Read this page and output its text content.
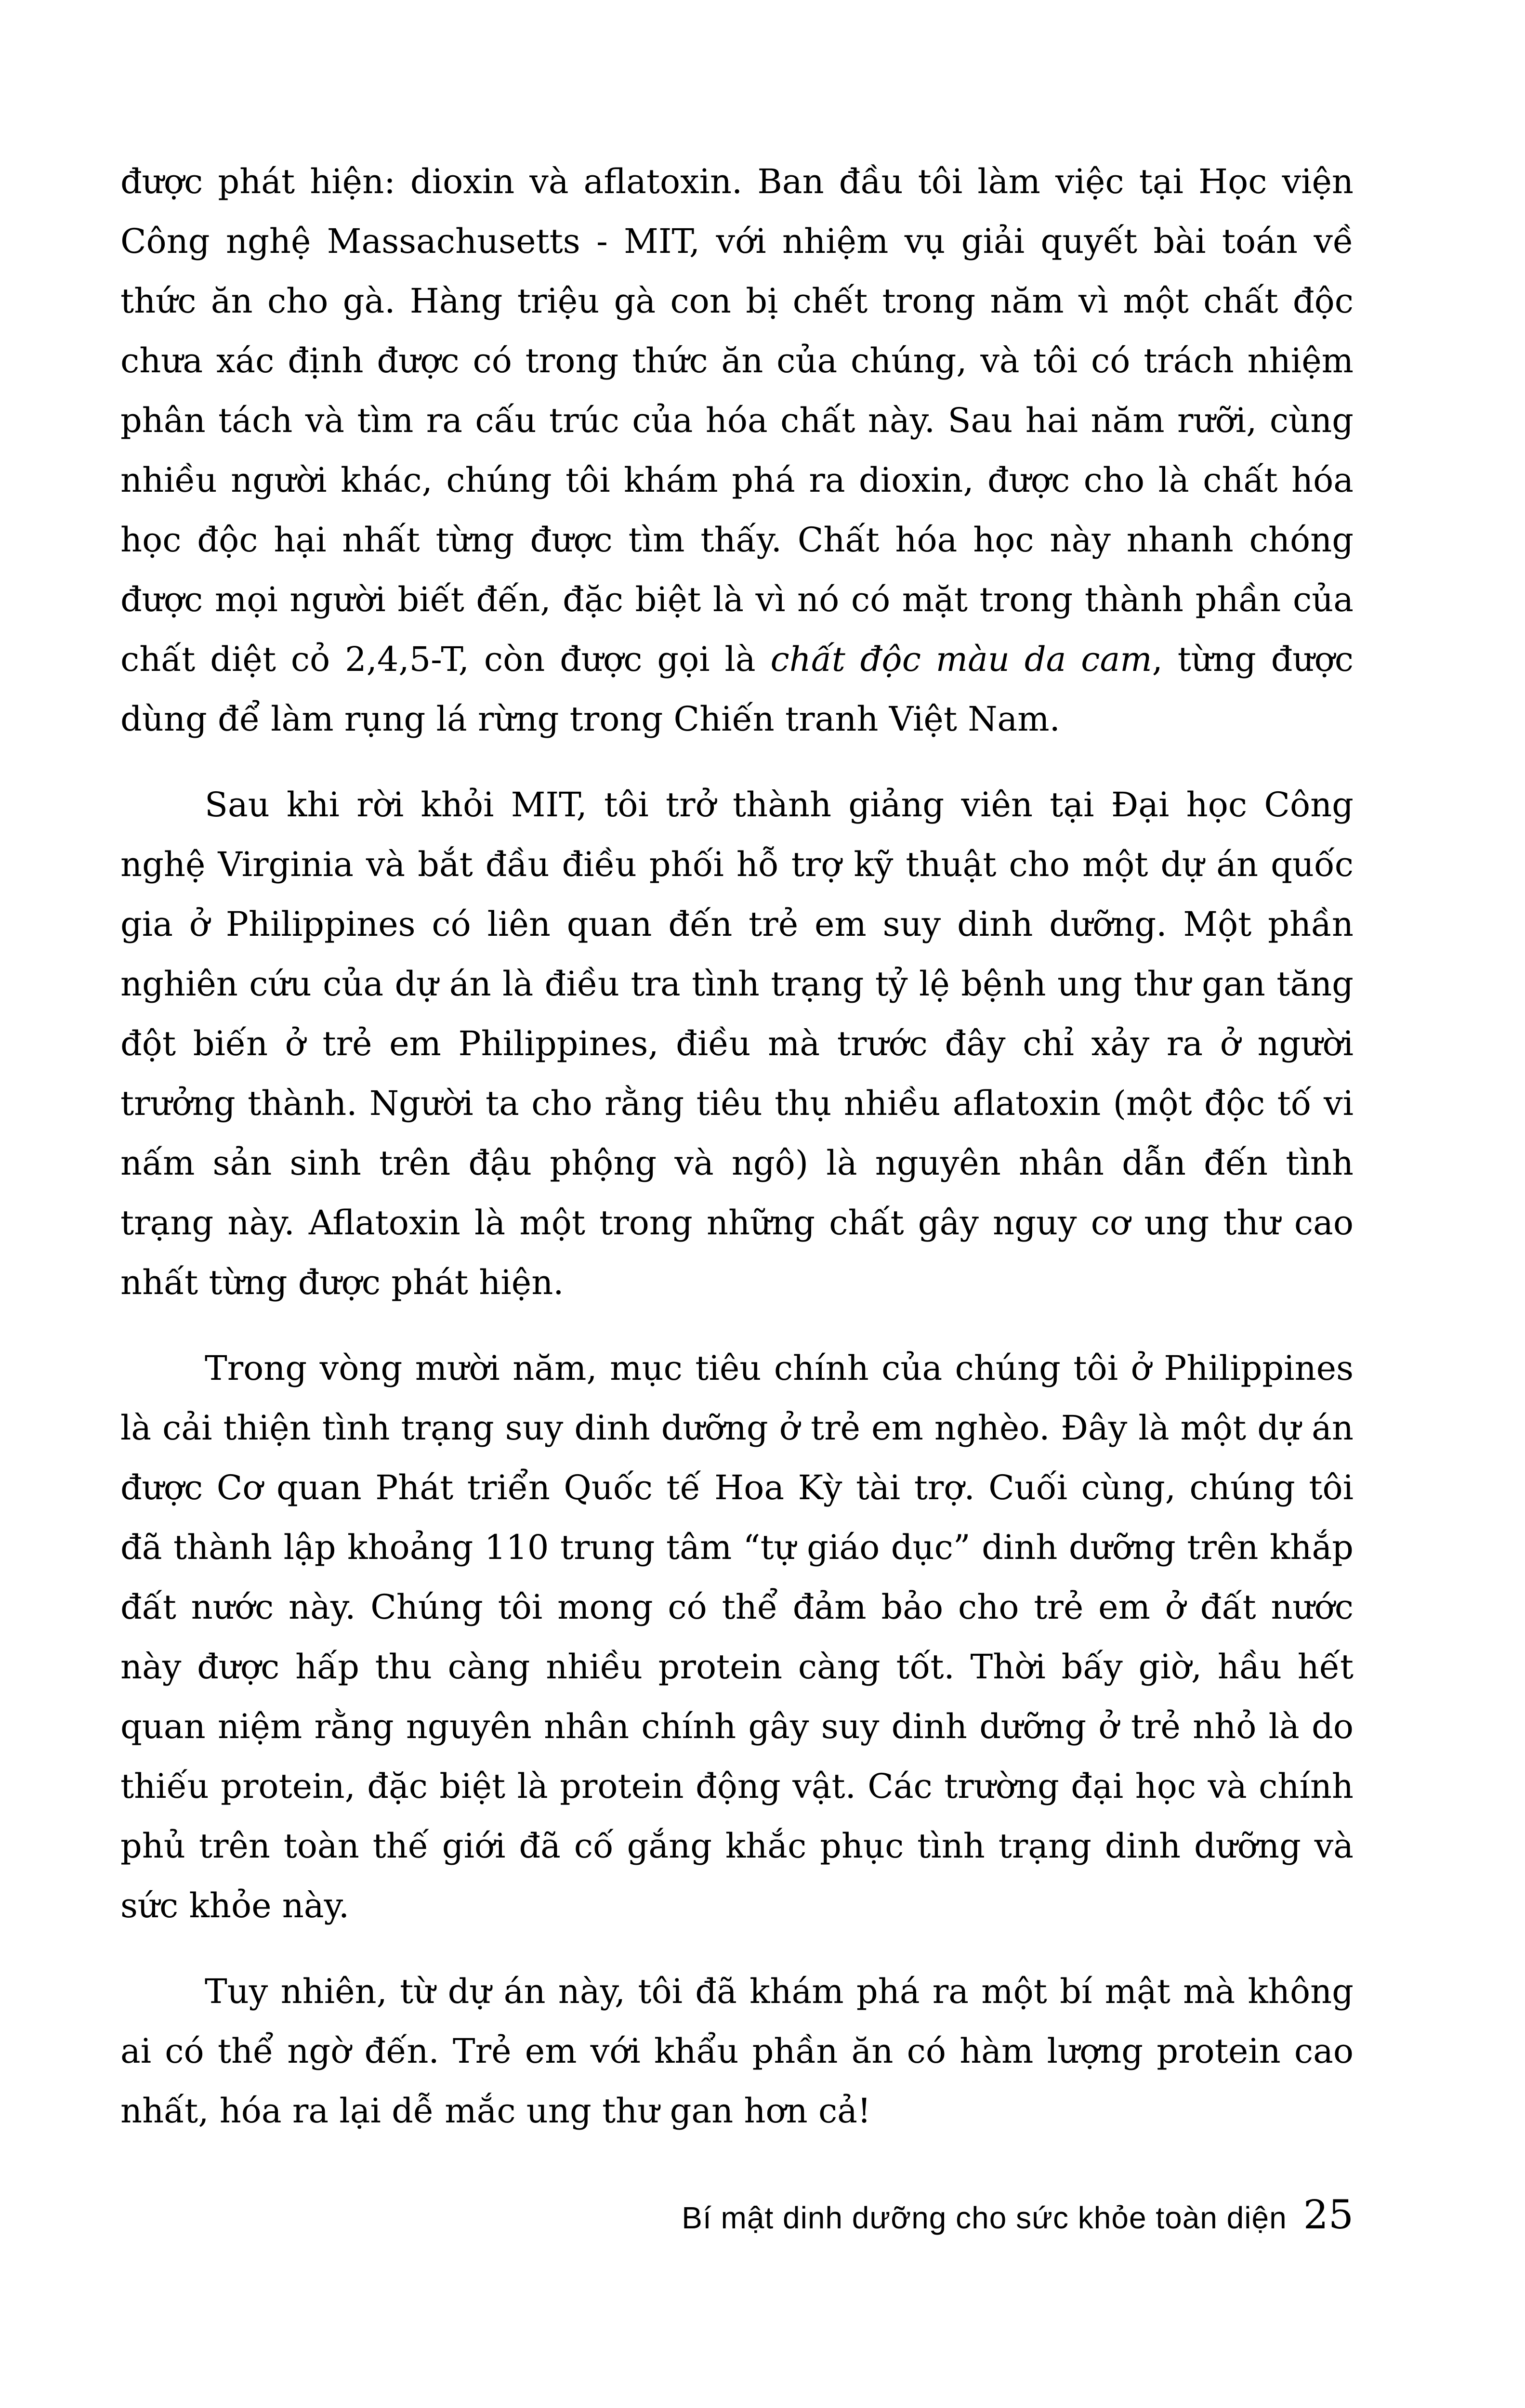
được phát hiện: dioxin và aflatoxin. Ban đầu tôi làm việc tại Học viện Công nghệ Massachusetts - MIT, với nhiệm vụ giải quyết bài toán về thức ăn cho gà. Hàng triệu gà con bị chết trong năm vì một chất độc chưa xác định được có trong thức ăn của chúng, và tôi có trách nhiệm phân tách và tìm ra cấu trúc của hóa chất này. Sau hai năm rưỡi, cùng nhiều người khác, chúng tôi khám phá ra dioxin, được cho là chất hóa học độc hại nhất từng được tìm thấy. Chất hóa học này nhanh chóng được mọi người biết đến, đặc biệt là vì nó có mặt trong thành phần của chất diệt cỏ 2,4,5-T, còn được gọi là chất độc màu da cam, từng được dùng để làm rụng lá rừng trong Chiến tranh Việt Nam.

Sau khi rời khỏi MIT, tôi trở thành giảng viên tại Đại học Công nghệ Virginia và bắt đầu điều phối hỗ trợ kỹ thuật cho một dự án quốc gia ở Philippines có liên quan đến trẻ em suy dinh dưỡng. Một phần nghiên cứu của dự án là điều tra tình trạng tỷ lệ bệnh ung thư gan tăng đột biến ở trẻ em Philippines, điều mà trước đây chỉ xảy ra ở người trưởng thành. Người ta cho rằng tiêu thụ nhiều aflatoxin (một độc tố vi nấm sản sinh trên đậu phộng và ngô) là nguyên nhân dẫn đến tình trạng này. Aflatoxin là một trong những chất gây nguy cơ ung thư cao nhất từng được phát hiện.

Trong vòng mười năm, mục tiêu chính của chúng tôi ở Philippines là cải thiện tình trạng suy dinh dưỡng ở trẻ em nghèo. Đây là một dự án được Cơ quan Phát triển Quốc tế Hoa Kỳ tài trợ. Cuối cùng, chúng tôi đã thành lập khoảng 110 trung tâm “tự giáo dục” dinh dưỡng trên khắp đất nước này. Chúng tôi mong có thể đảm bảo cho trẻ em ở đất nước này được hấp thu càng nhiều protein càng tốt. Thời bấy giờ, hầu hết quan niệm rằng nguyên nhân chính gây suy dinh dưỡng ở trẻ nhỏ là do thiếu protein, đặc biệt là protein động vật. Các trường đại học và chính phủ trên toàn thế giới đã cố gắng khắc phục tình trạng dinh dưỡng và sức khỏe này.

Tuy nhiên, từ dự án này, tôi đã khám phá ra một bí mật mà không ai có thể ngờ đến. Trẻ em với khẩu phần ăn có hàm lượng protein cao nhất, hóa ra lại dễ mắc ung thư gan hơn cả!

Bí mật dinh dưỡng cho sức khỏe toàn diện 25
